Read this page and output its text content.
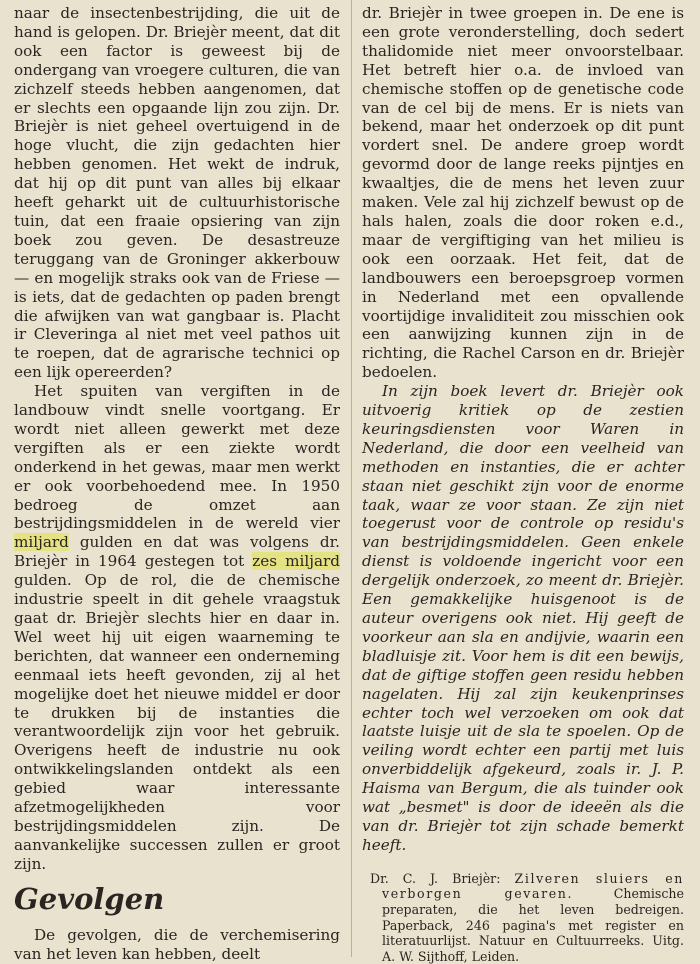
naar de insectenbestrijding, die uit de hand is gelopen. Dr. Briejèr meent, dat dit ook een factor is geweest bij de ondergang van vroegere culturen, die van zichzelf steeds hebben aangenomen, dat er slechts een opgaande lijn zou zijn. Dr. Briejèr is niet geheel overtuigend in de hoge vlucht, die zijn gedachten hier hebben genomen. Het wekt de indruk, dat hij op dit punt van alles bij elkaar heeft geharkt uit de cultuurhistorische tuin, dat een fraaie opsiering van zijn boek zou geven. De desastreuze teruggang van de Groninger akkerbouw — en mogelijk straks ook van de Friese — is iets, dat de gedachten op paden brengt die afwijken van wat gangbaar is. Placht ir Cleveringa al niet met veel pathos uit te roepen, dat de agrarische technici op een lijk opereerden?

Het spuiten van vergiften in de landbouw vindt snelle voortgang. Er wordt niet alleen gewerkt met deze vergiften als er een ziekte wordt onderkend in het gewas, maar men werkt er ook voorbehoedend mee. In 1950 bedroeg de omzet aan bestrijdingsmiddelen in de wereld vier miljard gulden en dat was volgens dr. Briejèr in 1964 gestegen tot zes miljard gulden. Op de rol, die de chemische industrie speelt in dit gehele vraagstuk gaat dr. Briejèr slechts hier en daar in. Wel weet hij uit eigen waarneming te berichten, dat wanneer een onderneming eenmaal iets heeft gevonden, zij al het mogelijke doet het nieuwe middel er door te drukken bij de instanties die verantwoordelijk zijn voor het gebruik. Overigens heeft de industrie nu ook ontwikkelingslanden ontdekt als een gebied waar interessante afzetmogelijkheden voor bestrijdingsmiddelen zijn. De aanvankelijke successen zullen er groot zijn.

Gevolgen

De gevolgen, die de verchemisering van het leven kan hebben, deelt

dr. Briejèr in twee groepen in. De ene is een grote veronderstelling, doch sedert thalidomide niet meer onvoorstelbaar. Het betreft hier o.a. de invloed van chemische stoffen op de genetische code van de cel bij de mens. Er is niets van bekend, maar het onderzoek op dit punt vordert snel. De andere groep wordt gevormd door de lange reeks pijntjes en kwaaltjes, die de mens het leven zuur maken. Vele zal hij zichzelf bewust op de hals halen, zoals die door roken e.d., maar de vergiftiging van het milieu is ook een oorzaak. Het feit, dat de landbouwers een beroepsgroep vormen in Nederland met een opvallende voortijdige invaliditeit zou misschien ook een aanwijzing kunnen zijn in de richting, die Rachel Carson en dr. Briejèr bedoelen.

In zijn boek levert dr. Briejèr ook uitvoerig kritiek op de zestien keuringsdiensten voor Waren in Nederland, die door een veelheid van methoden en instanties, die er achter staan niet geschikt zijn voor de enorme taak, waar ze voor staan. Ze zijn niet toegerust voor de controle op residu's van bestrijdingsmiddelen. Geen enkele dienst is voldoende ingericht voor een dergelijk onderzoek, zo meent dr. Briejèr. Een gemakkelijke huisgenoot is de auteur overigens ook niet. Hij geeft de voorkeur aan sla en andijvie, waarin een bladluisje zit. Voor hem is dit een bewijs, dat de giftige stoffen geen residu hebben nagelaten. Hij zal zijn keukenprinses echter toch wel verzoeken om ook dat laatste luisje uit de sla te spoelen. Op de veiling wordt echter een partij met luis onverbiddelijk afgekeurd, zoals ir. J. P. Haisma van Bergum, die als tuinder ook wat „besmet" is door de ideeën als die van dr. Briejèr tot zijn schade bemerkt heeft.

Dr. C. J. Briejèr: Zilveren sluiers en verborgen gevaren. Chemische preparaten, die het leven bedreigen. Paperback, 246 pagina's met register en literatuurlijst. Natuur en Cultuurreeks. Uitg. A. W. Sijthoff, Leiden.
